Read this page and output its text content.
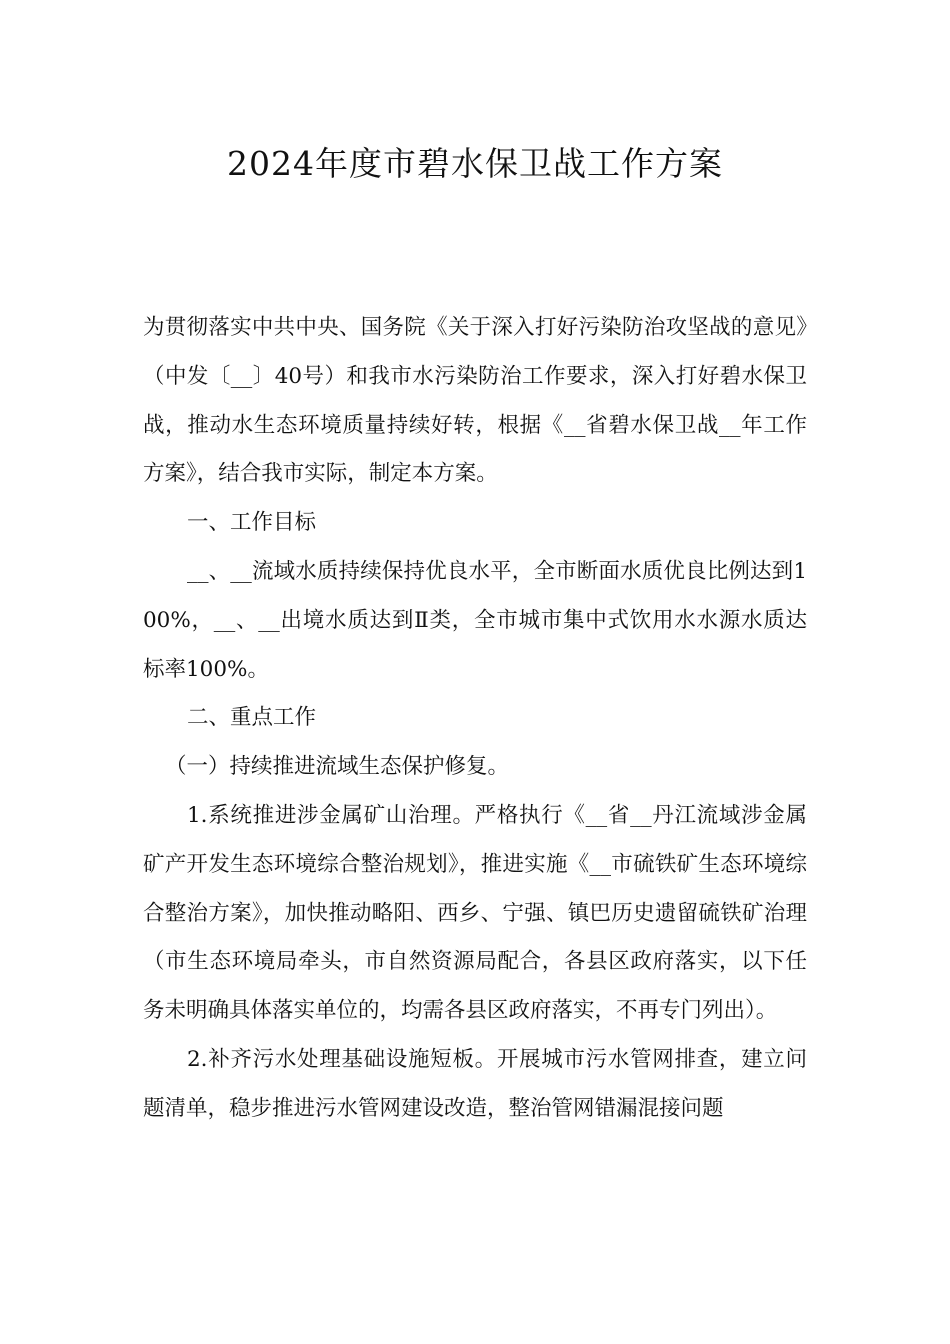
2024年度市碧水保卫战工作方案

为贯彻落实中共中央、国务院《关于深入打好污染防治攻坚战的意见》（中发〔__〕40号）和我市水污染防治工作要求，深入打好碧水保卫战，推动水生态环境质量持续好转，根据《__省碧水保卫战__年工作方案》，结合我市实际，制定本方案。

一、工作目标

__、__流域水质持续保持优良水平，全市断面水质优良比例达到100%，__、__出境水质达到Ⅱ类，全市城市集中式饮用水水源水质达标率100%。

二、重点工作

（一）持续推进流域生态保护修复。

1.系统推进涉金属矿山治理。严格执行《__省__丹江流域涉金属矿产开发生态环境综合整治规划》，推进实施《__市硫铁矿生态环境综合整治方案》，加快推动略阳、西乡、宁强、镇巴历史遗留硫铁矿治理（市生态环境局牵头，市自然资源局配合，各县区政府落实，以下任务未明确具体落实单位的，均需各县区政府落实，不再专门列出）。

2.补齐污水处理基础设施短板。开展城市污水管网排查，建立问题清单，稳步推进污水管网建设改造，整治管网错漏混接问题
